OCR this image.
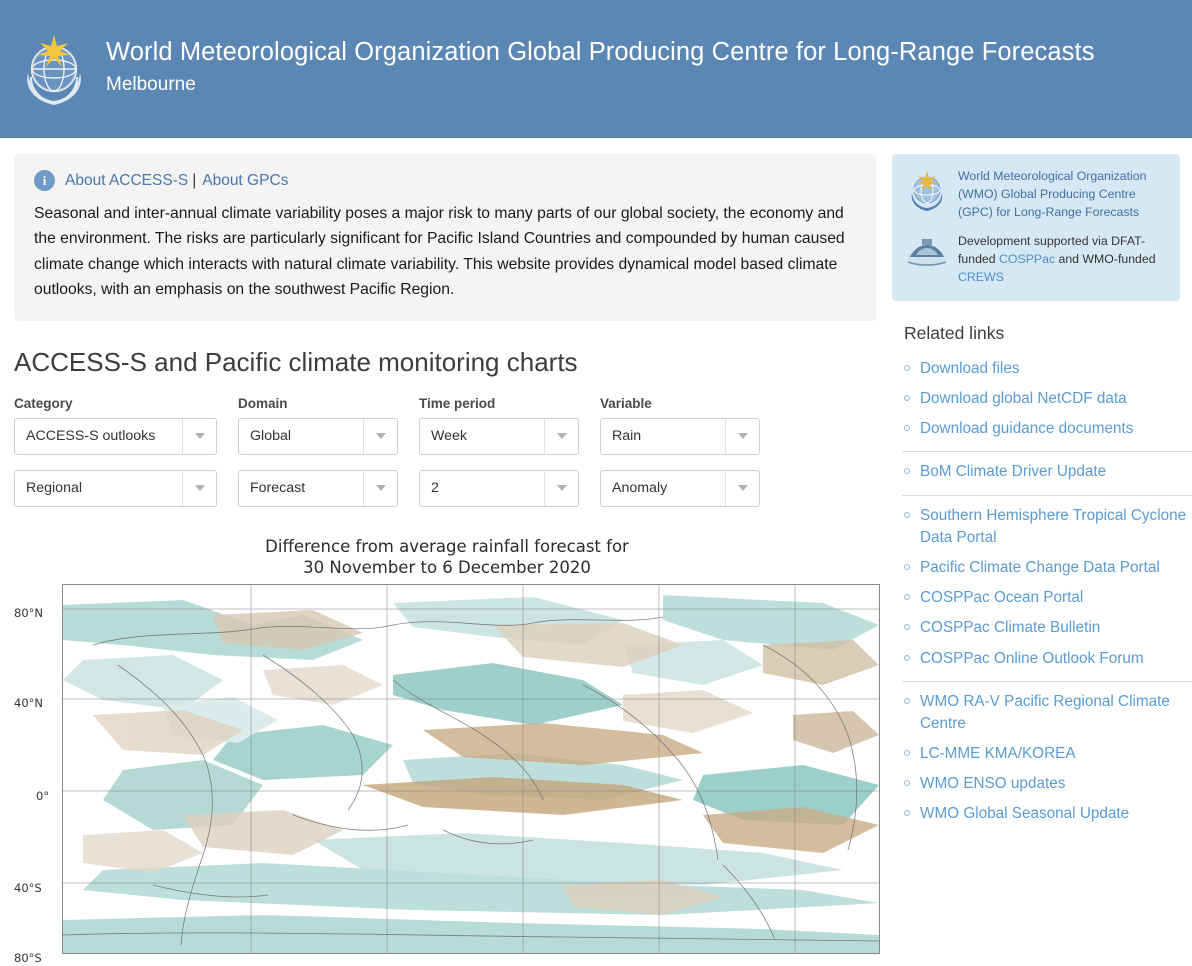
World Meteorological Organization Global Producing Centre for Long-Range Forecasts
Melbourne
i	About ACCESS-S | About GPCs
Seasonal and inter-annual climate variability poses a major risk to many parts of our global society, the economy and the environment. The risks are particularly significant for Pacific Island Countries and compounded by human caused climate change which interacts with natural climate variability. This website provides dynamical model based climate outlooks, with an emphasis on the southwest Pacific Region.
ACCESS-S and Pacific climate monitoring charts
Category
ACCESS-S outlooks
Regional
Domain
Global
Forecast
Time period
Week
2
Variable
Rain
Anomaly
Difference from average rainfall forecast for
30 November to 6 December 2020
80°N
40°N
0°
40°S
80°S
World Meteorological Organization (WMO) Global Producing Centre (GPC) for Long-Range Forecasts
Development supported via DFAT-funded COSPPac and WMO-funded CREWS
Related links
Download files
Download global NetCDF data
Download guidance documents
BoM Climate Driver Update
Southern Hemisphere Tropical Cyclone Data Portal
Pacific Climate Change Data Portal
COSPPac Ocean Portal
COSPPac Climate Bulletin
COSPPac Online Outlook Forum
WMO RA-V Pacific Regional Climate Centre
LC-MME KMA/KOREA
WMO ENSO updates
WMO Global Seasonal Update
